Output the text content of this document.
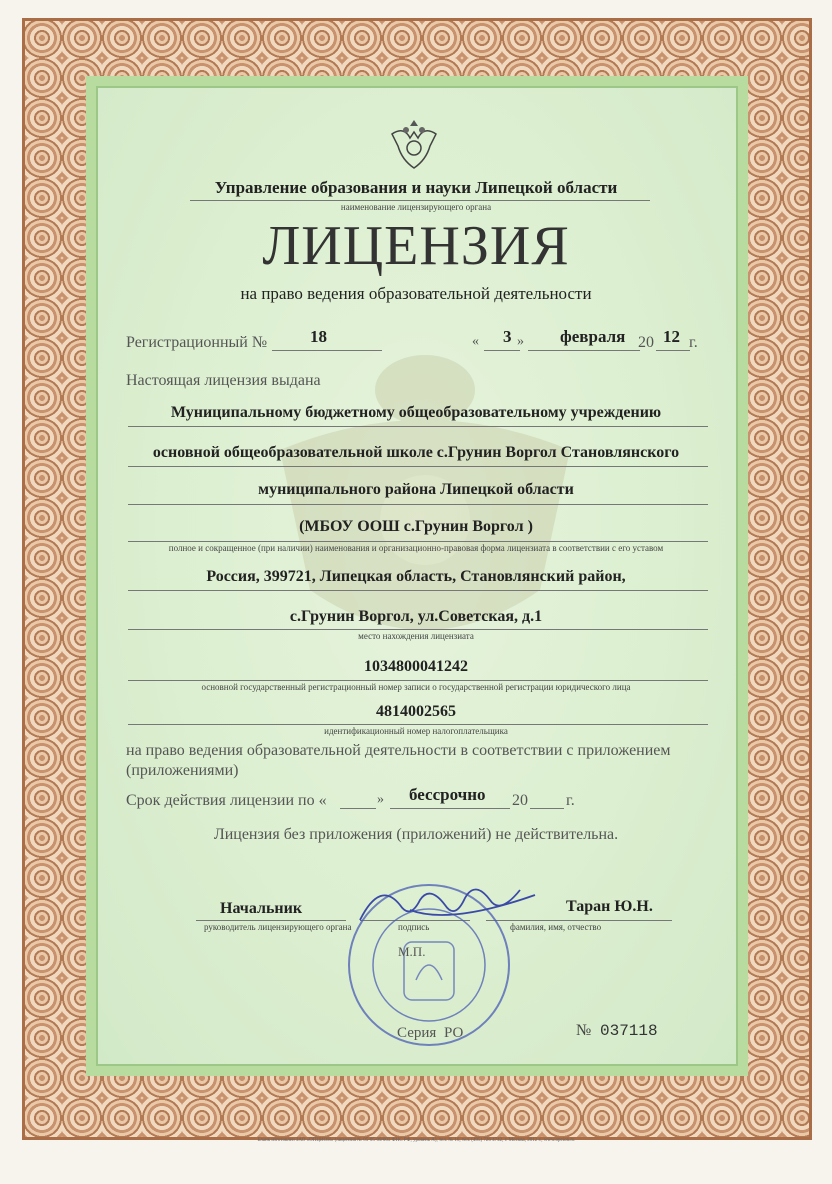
Управление образования и науки Липецкой области
наименование лицензирующего органа
ЛИЦЕНЗИЯ
на право ведения образовательной деятельности
Регистрационный №	18	« 3 » февраля 20 12 г.
Настоящая лицензия выдана
Муниципальному бюджетному общеобразовательному учреждению
основной общеобразовательной школе с.Грунин Воргол Становлянского
муниципального района Липецкой области
(МБОУ ООШ с.Грунин Воргол )
полное и сокращенное (при наличии) наименования и организационно-правовая форма лицензиата в соответствии с его уставом
Россия, 399721, Липецкая область, Становлянский район,
с.Грунин Воргол, ул.Советская, д.1
место нахождения лицензиата
1034800041242
основной государственный регистрационный номер записи о государственной регистрации юридического лица
4814002565
идентификационный номер налогоплательщика
на право ведения образовательной деятельности в соответствии с приложением
(приложениями)
Срок действия лицензии по «	» бессрочно 20 г.
Лицензия без приложения (приложений) не действительна.
Начальник
руководитель лицензирующего органа	подпись
Таран Ю.Н.
фамилия, имя, отчество
М.П.
Серия РО	№ 037118
Бланк изготовлен ЗАО «ОПЦИОН» (лицензия № 05-05-09/003 ФНС РФ, уровень А), тел. № 16, тел. (495) 726 4742, г. Москва, 2012 г., www.opcion.ru
